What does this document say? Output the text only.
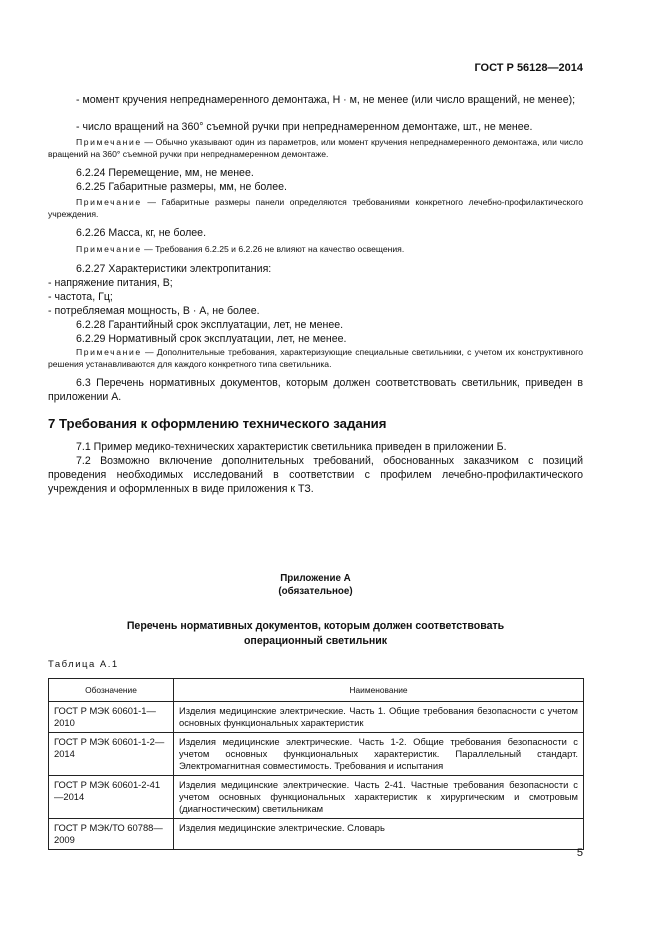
ГОСТ Р 56128—2014
- момент кручения непреднамеренного демонтажа, Н · м, не менее (или число вращений, не менее);
- число вращений на 360° съемной ручки при непреднамеренном демонтаже, шт., не менее.
Примечание — Обычно указывают один из параметров, или момент кручения непреднамеренного демонтажа, или число вращений на 360° съемной ручки при непреднамеренном демонтаже.
6.2.24 Перемещение, мм, не менее.
6.2.25 Габаритные размеры, мм, не более.
Примечание — Габаритные размеры панели определяются требованиями конкретного лечебно-профилактического учреждения.
6.2.26 Масса, кг, не более.
Примечание — Требования 6.2.25 и 6.2.26 не влияют на качество освещения.
6.2.27 Характеристики электропитания:
- напряжение питания, В;
- частота, Гц;
- потребляемая мощность, В · А, не более.
6.2.28 Гарантийный срок эксплуатации, лет, не менее.
6.2.29 Нормативный срок эксплуатации, лет, не менее.
Примечание — Дополнительные требования, характеризующие специальные светильники, с учетом их конструктивного решения устанавливаются для каждого конкретного типа светильника.
6.3 Перечень нормативных документов, которым должен соответствовать светильник, приведен в приложении А.
7 Требования к оформлению технического задания
7.1 Пример медико-технических характеристик светильника приведен в приложении Б.
7.2 Возможно включение дополнительных требований, обоснованных заказчиком с позиций проведения необходимых исследований в соответствии с профилем лечебно-профилактического учреждения и оформленных в виде приложения к ТЗ.
Приложение А
(обязательное)
Перечень нормативных документов, которым должен соответствовать
операционный светильник
Таблица А.1
Обозначение	Наименование
ГОСТ Р МЭК 60601-1—2010	Изделия медицинские электрические. Часть 1. Общие требования безопасности с учетом основных функциональных характеристик
ГОСТ Р МЭК 60601-1-2—2014	Изделия медицинские электрические. Часть 1-2. Общие требования безопасности с учетом основных функциональных характеристик. Параллельный стандарт. Электромагнитная совместимость. Требования и испытания
ГОСТ Р МЭК 60601-2-41—2014	Изделия медицинские электрические. Часть 2-41. Частные требования безопасности с учетом основных функциональных характеристик к хирургическим и смотровым (диагностическим) светильникам
ГОСТ Р МЭК/ТО 60788—2009	Изделия медицинские электрические. Словарь
5
